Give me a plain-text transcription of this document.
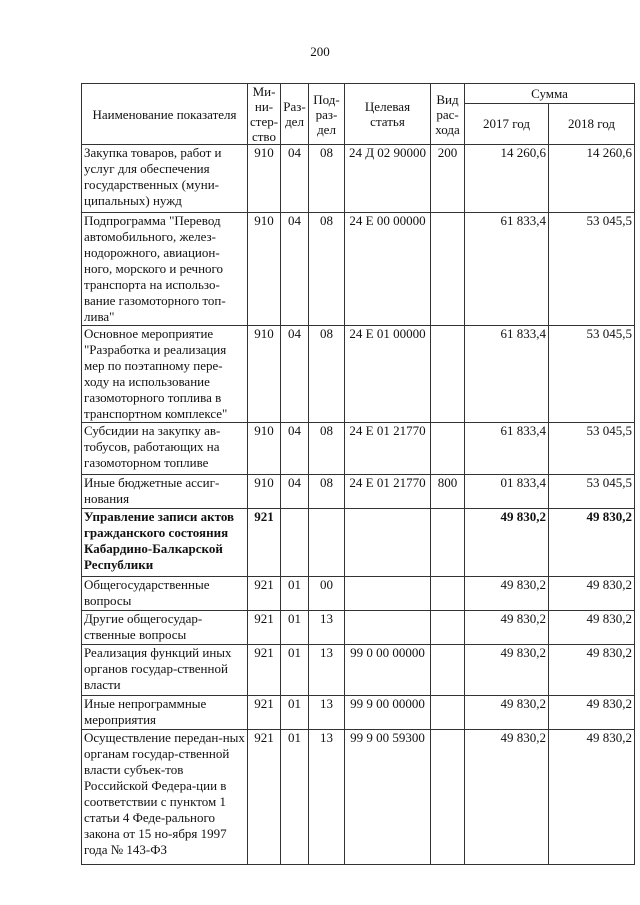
200
Наименование показателя	Ми-ни-стер-ство	Раз-дел	Под-раз-дел	Целевая статья	Вид рас-хода	Сумма	
						2017 год	2018 год
Закупка товаров, работ и услуг для обеспечения государственных (муни-ципальных) нужд	910	04	08	24 Д 02 90000	200	14 260,6	14 260,6
Подпрограмма "Перевод автомобильного, желез-нодорожного, авиацион-ного, морского и речного транспорта на использо-вание газомоторного топ-лива"	910	04	08	24 Е 00 00000		61 833,4	53 045,5
Основное мероприятие "Разработка и реализация мер по поэтапному пере-ходу на использование газомоторного топлива в транспортном комплексе"	910	04	08	24 Е 01 00000		61 833,4	53 045,5
Субсидии на закупку ав-тобусов, работающих на газомоторном топливе	910	04	08	24 Е 01 21770		61 833,4	53 045,5
Иные бюджетные ассиг-нования	910	04	08	24 Е 01 21770	800	01 833,4	53 045,5
Управление записи актов гражданского состояния Кабардино-Балкарской Республики	921					49 830,2	49 830,2
Общегосударственные вопросы	921	01	00			49 830,2	49 830,2
Другие общегосудар-ственные вопросы	921	01	13			49 830,2	49 830,2
Реализация функций иных органов государ-ственной власти	921	01	13	99 0 00 00000		49 830,2	49 830,2
Иные непрограммные мероприятия	921	01	13	99 9 00 00000		49 830,2	49 830,2
Осуществление передан-ных органам государ-ственной власти субъек-тов Российской Федера-ции в соответствии с пунктом 1 статьи 4 Феде-рального закона от 15 но-ября 1997 года № 143-ФЗ	921	01	13	99 9 00 59300		49 830,2	49 830,2
